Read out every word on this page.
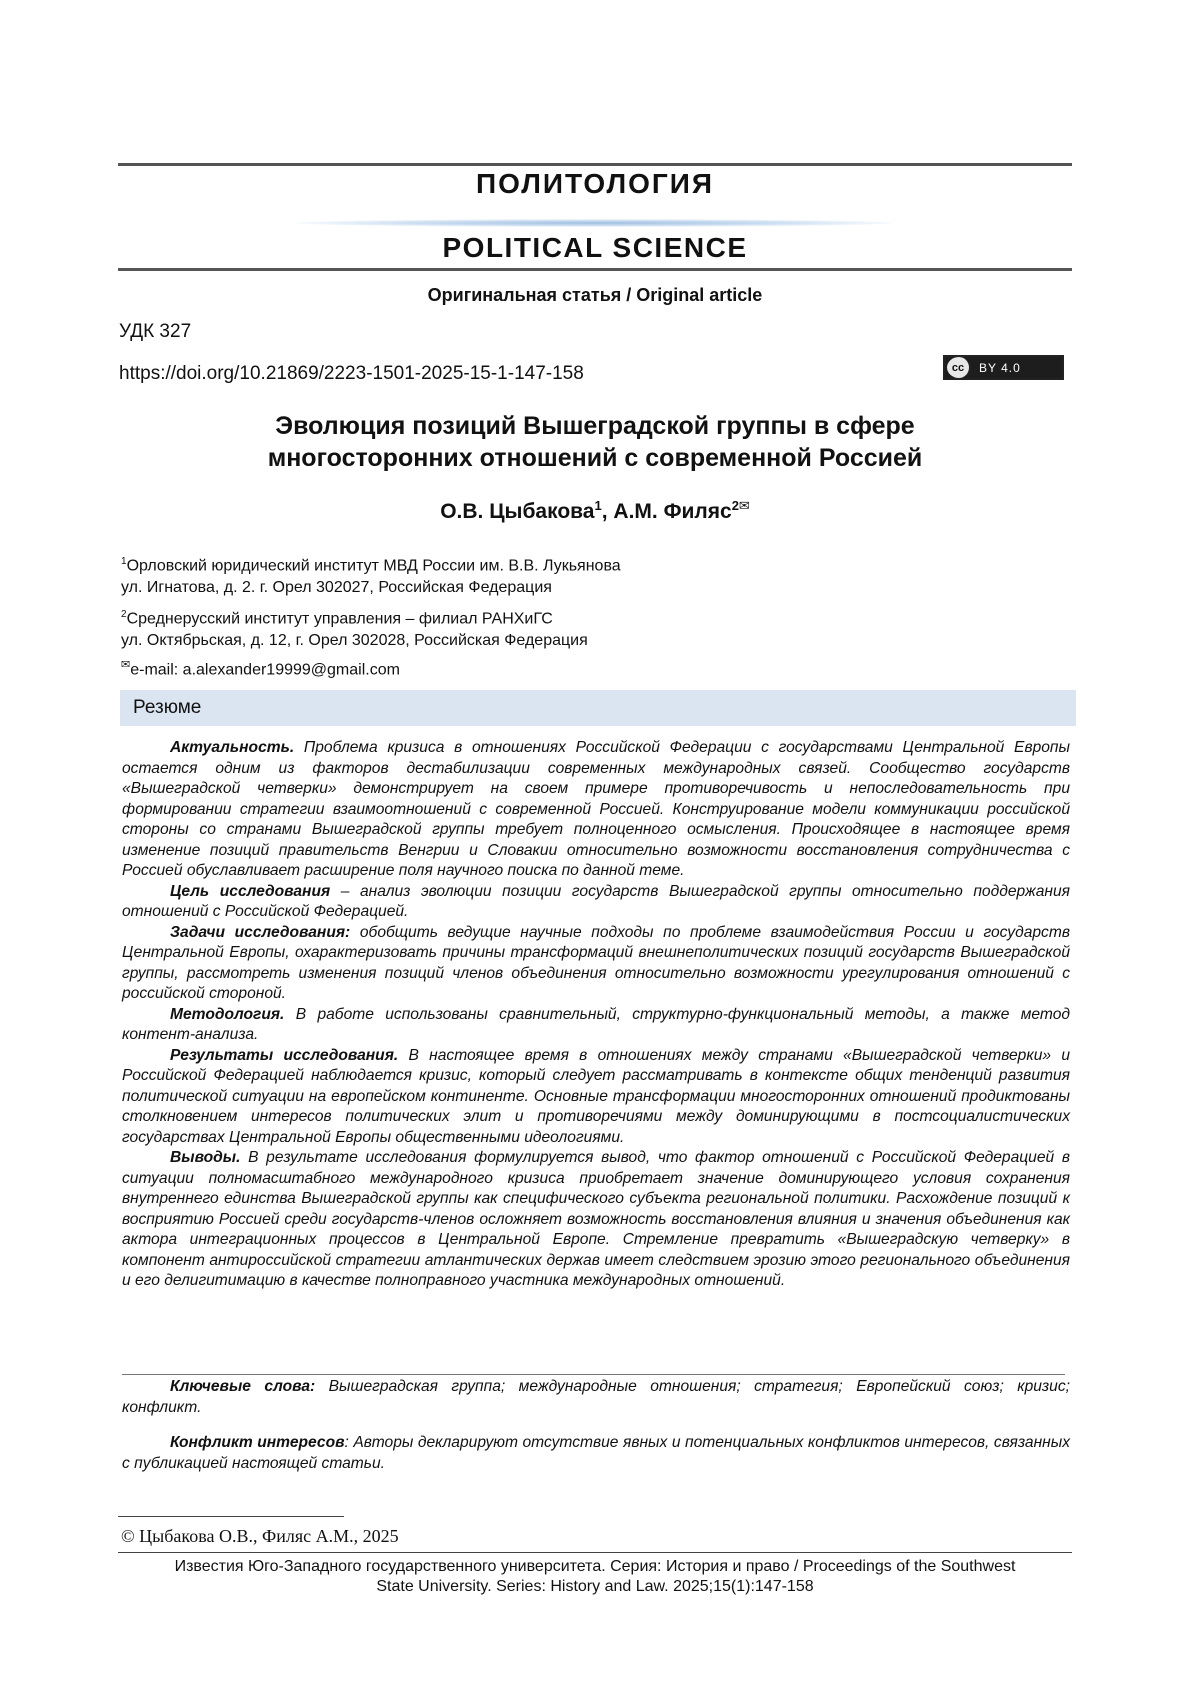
ПОЛИТОЛОГИЯ
POLITICAL SCIENCE
Оригинальная статья / Original article
УДК 327
https://doi.org/10.21869/2223-1501-2025-15-1-147-158	cc	BY 4.0
Эволюция позиций Вышеградской группы в сфере
многосторонних отношений с современной Россией
О.В. Цыбакова$^1$, А.М. Филяс$^{2✉}$
$^1$Орловский юридический институт МВД России им. В.В. Лукьянова
ул. Игнатова, д. 2. г. Орел 302027, Российская Федерация
$^2$Среднерусский институт управления – филиал РАНХиГС
ул. Октябрьская, д. 12, г. Орел 302028, Российская Федерация
✉e-mail: a.alexander19999@gmail.com
Резюме

Актуальность. Проблема кризиса в отношениях Российской Федерации с государствами Центральной Европы остается одним из факторов дестабилизации современных международных связей. Сообщество государств «Вышеградской четверки» демонстрирует на своем примере противоречивость и непоследовательность при формировании стратегии взаимоотношений с современной Россией. Конструирование модели коммуникации российской стороны со странами Вышеградской группы требует полноценного осмысления. Происходящее в настоящее время изменение позиций правительств Венгрии и Словакии относительно возможности восстановления сотрудничества с Россией обуславливает расширение поля научного поиска по данной теме.

Цель исследования – анализ эволюции позиции государств Вышеградской группы относительно поддержания отношений с Российской Федерацией.

Задачи исследования: обобщить ведущие научные подходы по проблеме взаимодействия России и государств Центральной Европы, охарактеризовать причины трансформаций внешнеполитических позиций государств Вышеградской группы, рассмотреть изменения позиций членов объединения относительно возможности урегулирования отношений с российской стороной.

Методология. В работе использованы сравнительный, структурно-функциональный методы, а также метод контент-анализа.

Результаты исследования. В настоящее время в отношениях между странами «Вышеградской четверки» и Российской Федерацией наблюдается кризис, который следует рассматривать в контексте общих тенденций развития политической ситуации на европейском континенте. Основные трансформации многосторонних отношений продиктованы столкновением интересов политических элит и противоречиями между доминирующими в постсоциалистических государствах Центральной Европы общественными идеологиями.

Выводы. В результате исследования формулируется вывод, что фактор отношений с Российской Федерацией в ситуации полномасштабного международного кризиса приобретает значение доминирующего условия сохранения внутреннего единства Вышеградской группы как специфического субъекта региональной политики. Расхождение позиций к восприятию Россией среди государств-членов осложняет возможность восстановления влияния и значения объединения как актора интеграционных процессов в Центральной Европе. Стремление превратить «Вышеградскую четверку» в компонент антироссийской стратегии атлантических держав имеет следствием эрозию этого регионального объединения и его делигитимацию в качестве полноправного участника международных отношений.

Ключевые слова: Вышеградская группа; международные отношения; стратегия; Европейский союз; кризис; конфликт.

Конфликт интересов: Авторы декларируют отсутствие явных и потенциальных конфликтов интересов, связанных с публикацией настоящей статьи.

© Цыбакова О.В., Филяс А.М., 2025
Известия Юго-Западного государственного университета. Серия: История и право / Proceedings of the Southwest
State University. Series: History and Law. 2025;15(1):147-158
